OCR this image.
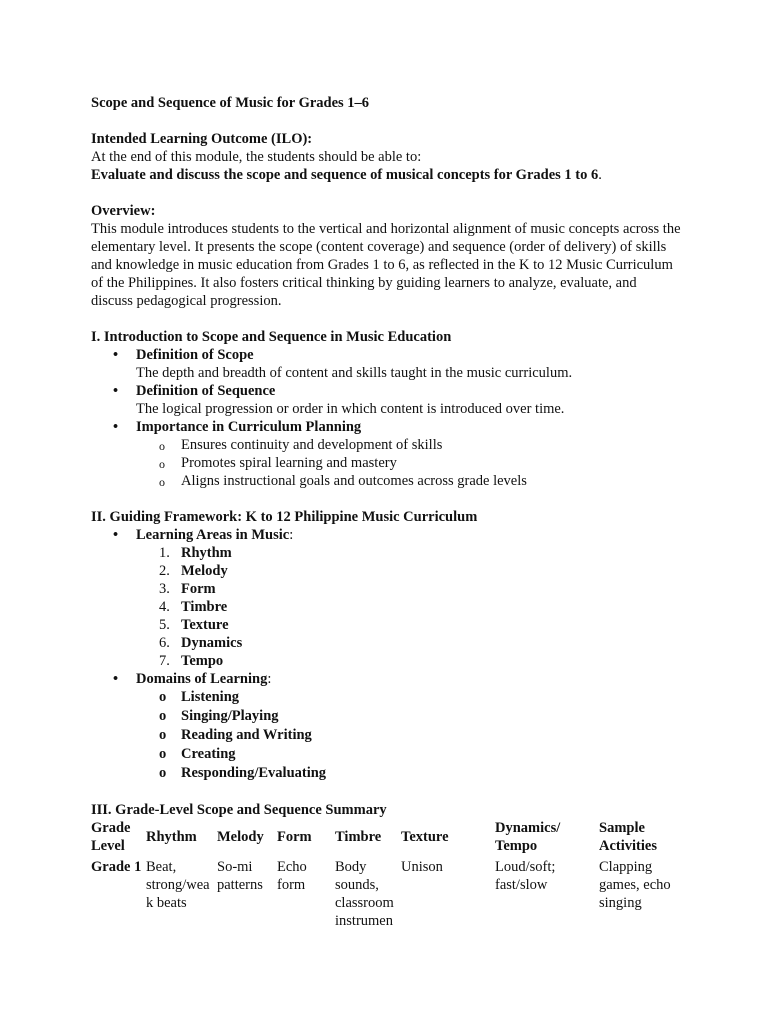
Scope and Sequence of Music for Grades 1–6

Intended Learning Outcome (ILO):

At the end of this module, the students should be able to:

Evaluate and discuss the scope and sequence of musical concepts for Grades 1 to 6.

Overview:

This module introduces students to the vertical and horizontal alignment of music concepts across the elementary level. It presents the scope (content coverage) and sequence (order of delivery) of skills and knowledge in music education from Grades 1 to 6, as reflected in the K to 12 Music Curriculum of the Philippines. It also fosters critical thinking by guiding learners to analyze, evaluate, and discuss pedagogical progression.

I. Introduction to Scope and Sequence in Music Education

• Definition of Scope
The depth and breadth of content and skills taught in the music curriculum.
• Definition of Sequence
The logical progression or order in which content is introduced over time.
• Importance in Curriculum Planning
o Ensures continuity and development of skills
o Promotes spiral learning and mastery
o Aligns instructional goals and outcomes across grade levels

II. Guiding Framework: K to 12 Philippine Music Curriculum

• Learning Areas in Music:
1. Rhythm
2. Melody
3. Form
4. Timbre
5. Texture
6. Dynamics
7. Tempo
• Domains of Learning:
o Listening
o Singing/Playing
o Reading and Writing
o Creating
o Responding/Evaluating

III. Grade-Level Scope and Sequence Summary

Grade Level	Rhythm	Melody	Form	Timbre	Texture	Dynamics/ Tempo	Sample Activities
Grade 1	Beat, strong/wea k beats	So-mi patterns	Echo form	Body sounds, classroom instrumen	Unison	Loud/soft; fast/slow	Clapping games, echo singing
